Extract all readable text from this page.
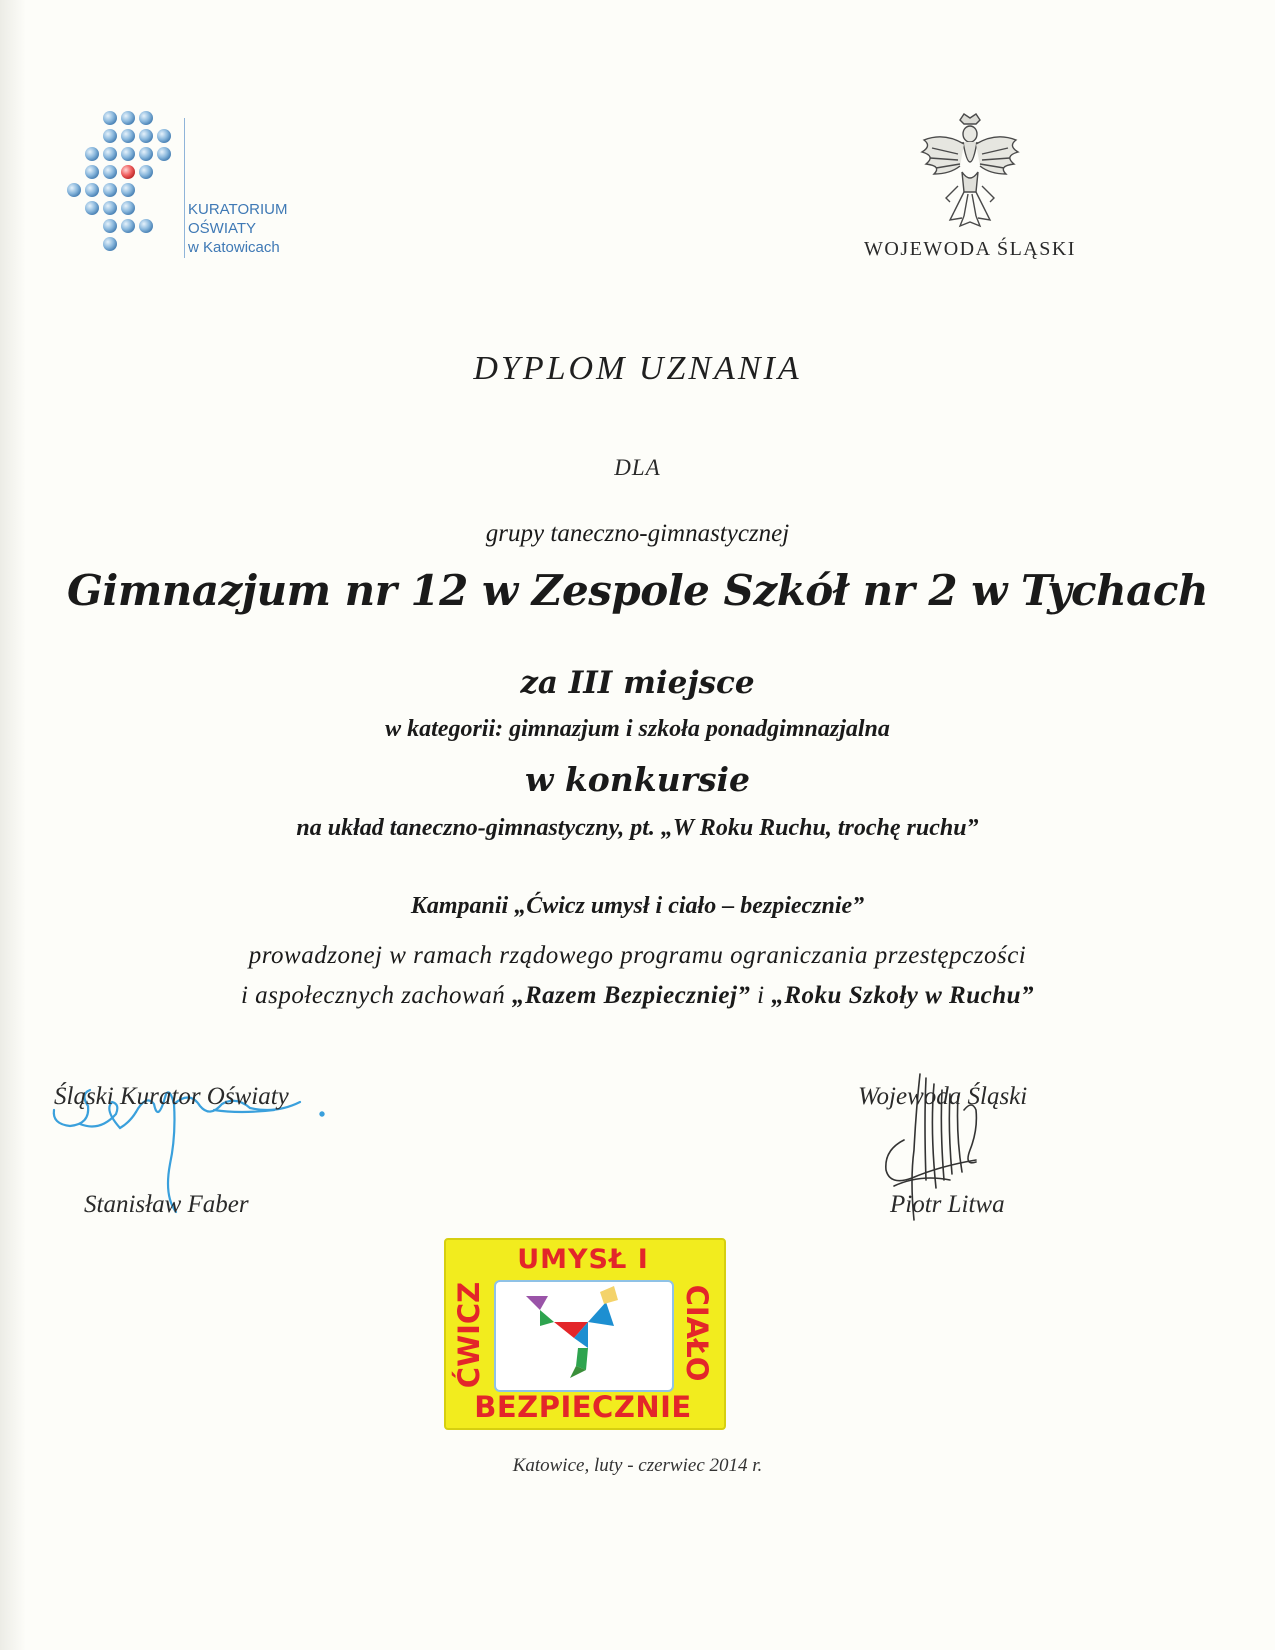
KURATORIUM
OŚWIATY
w Katowicach	WOJEWODA ŚLĄSKI
DYPLOM UZNANIA
DLA
grupy taneczno-gimnastycznej
Gimnazjum nr 12 w Zespole Szkół nr 2 w Tychach
za III miejsce
w kategorii: gimnazjum i szkoła ponadgimnazjalna
w konkursie
na układ taneczno-gimnastyczny, pt. „W Roku Ruchu, trochę ruchu”
Kampanii „Ćwicz umysł i ciało – bezpiecznie”
prowadzonej w ramach rządowego programu ograniczania przestępczości
i aspołecznych zachowań „Razem Bezpieczniej” i „Roku Szkoły w Ruchu”
Śląski Kurator Oświaty
Stanisław Faber
Wojewoda Śląski
Piotr Litwa
UMYSŁ I
ĆWICZ	CIAŁO
BEZPIECZNIE
Katowice, luty - czerwiec 2014 r.
